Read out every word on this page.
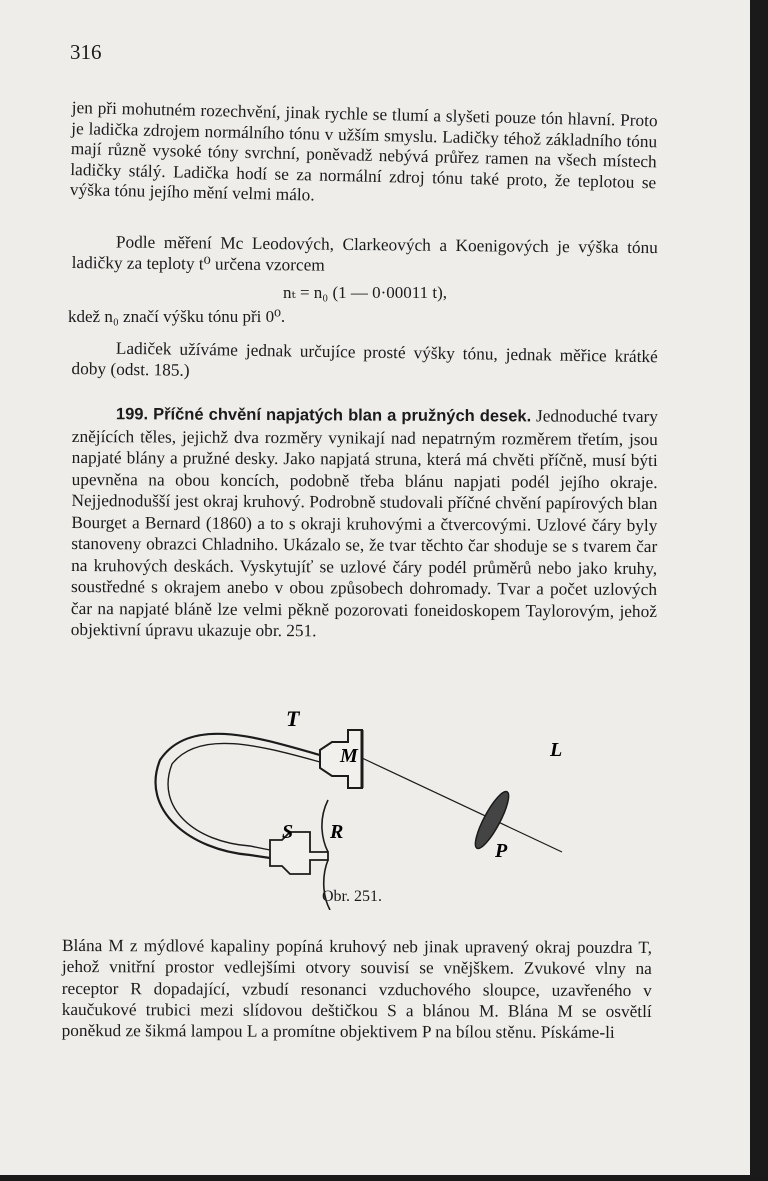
316

jen při mohutném rozechvění, jinak rychle se tlumí a slyšeti pouze tón hlavní. Proto je ladička zdrojem normálního tónu v užším smyslu. Ladičky téhož základního tónu mají různě vysoké tóny svrchní, poněvadž nebývá průřez ramen na všech místech ladičky stálý. Ladička hodí se za normální zdroj tónu také proto, že teplotou se výška tónu jejího mění velmi málo.

Podle měření Mc Leodových, Clarkeových a Koenigových je výška tónu ladičky za teploty t⁰ určena vzorcem

nₜ = n₀ (1 — 0·00011 t),
kdež n₀ značí výšku tónu při 0⁰.

Ladiček užíváme jednak určujíce prosté výšky tónu, jednak měřice krátké doby (odst. 185.)

199. Příčné chvění napjatých blan a pružných desek. Jednoduché tvary znějících těles, jejichž dva rozměry vynikají nad nepatrným rozměrem třetím, jsou napjaté blány a pružné desky. Jako napjatá struna, která má chvěti příčně, musí býti upevněna na obou koncích, podobně třeba blánu napjati podél jejího okraje. Nejjednodušší jest okraj kruhový. Podrobně studovali příčné chvění papírových blan Bourget a Bernard (1860) a to s okraji kruhovými a čtvercovými. Uzlové čáry byly stanoveny obrazci Chladniho. Ukázalo se, že tvar těchto čar shoduje se s tvarem čar na kruhových deskách. Vyskytujíť se uzlové čáry podél průměrů nebo jako kruhy, soustředné s okrajem anebo v obou způsobech dohromady. Tvar a počet uzlových čar na napjaté bláně lze velmi pěkně pozorovati foneidoskopem Taylorovým, jehož objektivní úpravu ukazuje obr. 251.

T
M	L
S R
P
Obr. 251.

Blána M z mýdlové kapaliny popíná kruhový neb jinak upravený okraj pouzdra T, jehož vnitřní prostor vedlejšími otvory souvisí se vnějškem. Zvukové vlny na receptor R dopadající, vzbudí resonanci vzduchového sloupce, uzavřeného v kaučukové trubici mezi slídovou deštičkou S a blánou M. Blána M se osvětlí poněkud ze šikmá lampou L a promítne objektivem P na bílou stěnu. Pískáme-li
